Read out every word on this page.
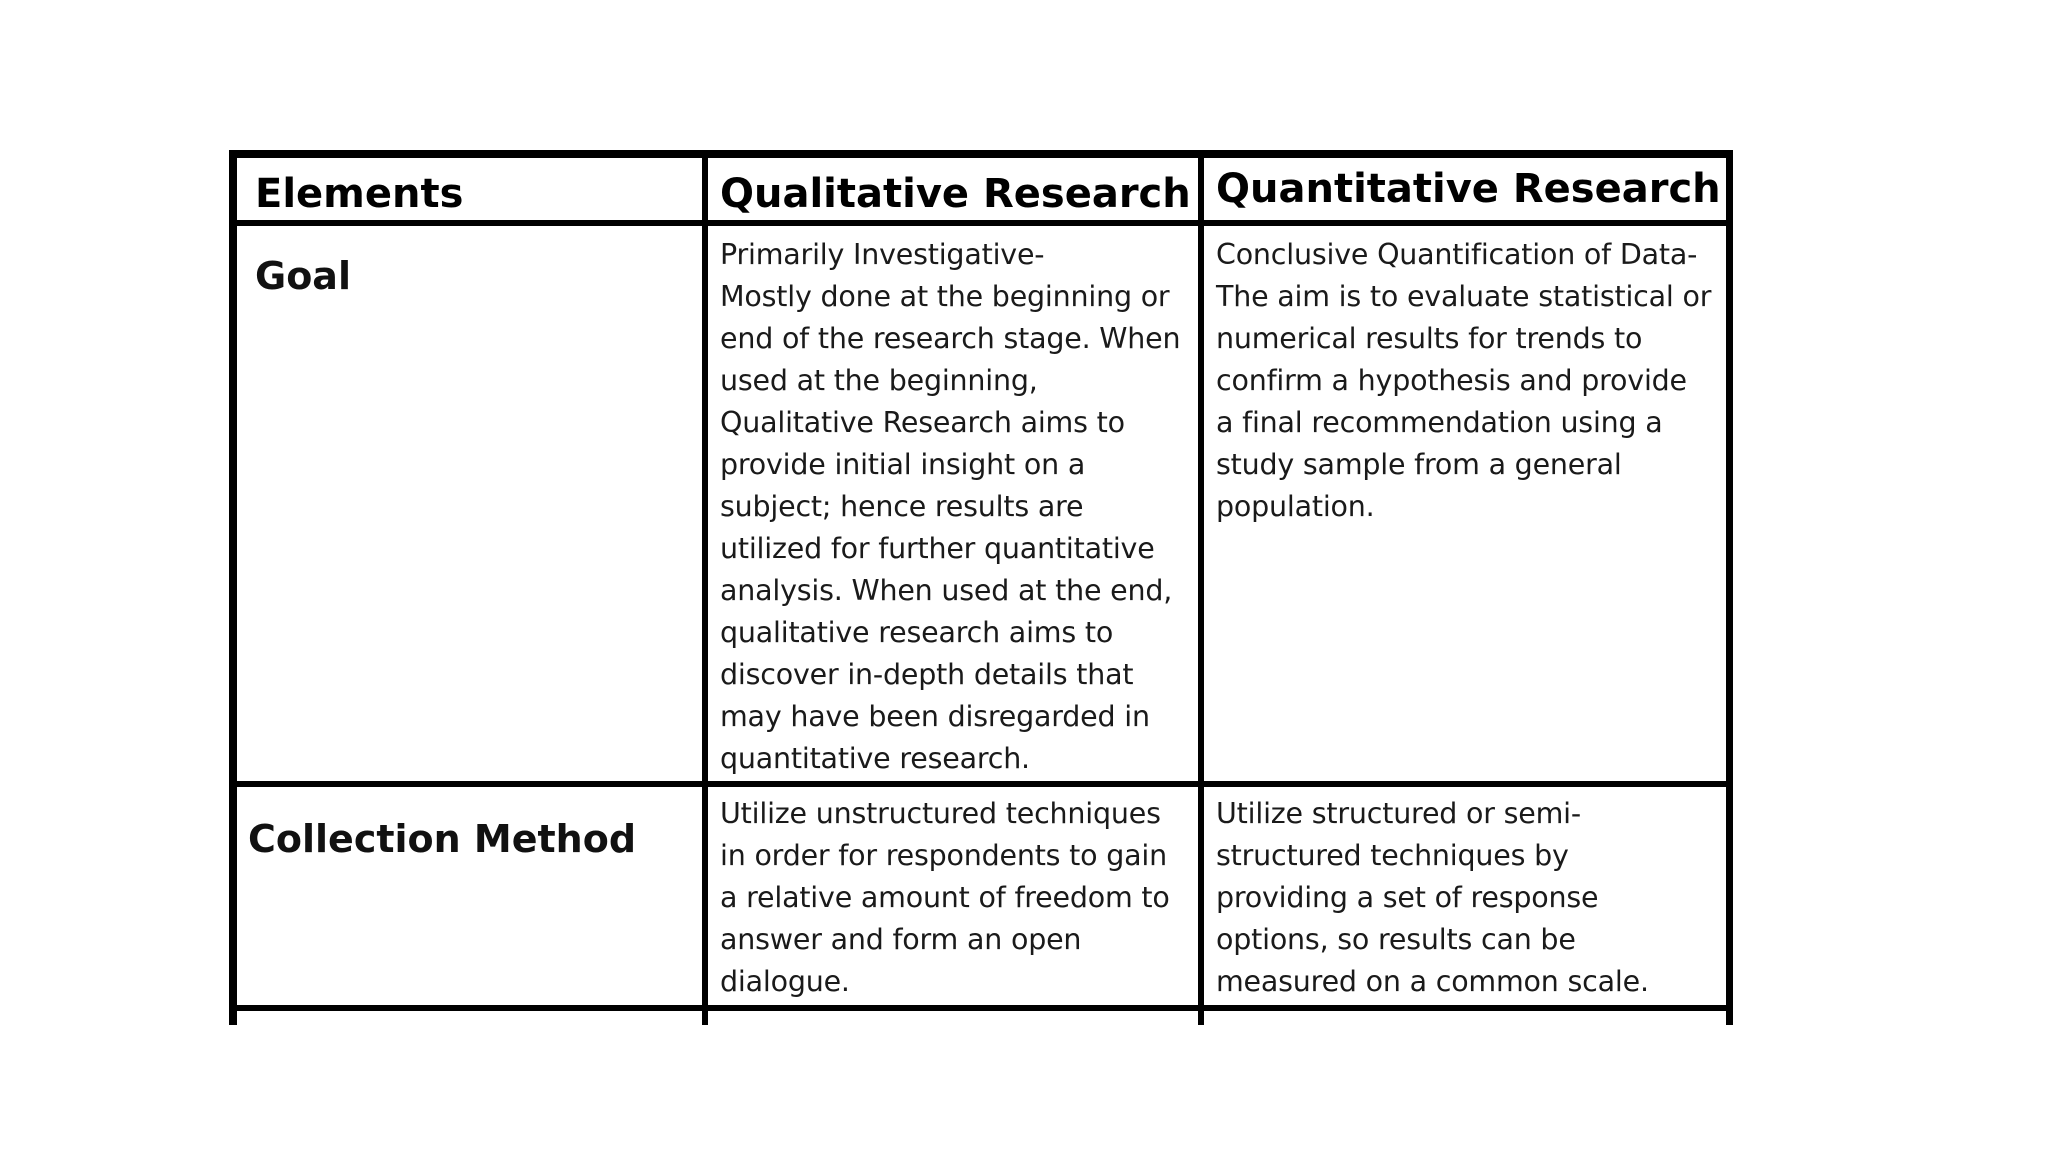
Elements	Qualitative Research Quantitative Research
Goal	Primarily Investigative-
Mostly done at the beginning or
end of the research stage. When
used at the beginning,
Qualitative Research aims to
provide initial insight on a
subject; hence results are
utilized for further quantitative
analysis. When used at the end,
qualitative research aims to
discover in-depth details that
may have been disregarded in
quantitative research.
Conclusive Quantification of Data-
The aim is to evaluate statistical or
numerical results for trends to
confirm a hypothesis and provide
a final recommendation using a
study sample from a general
population.
Collection Method
Utilize unstructured techniques
in order for respondents to gain
a relative amount of freedom to
answer and form an open
dialogue.
Utilize structured or semi-
structured techniques by
providing a set of response
options, so results can be
measured on a common scale.
